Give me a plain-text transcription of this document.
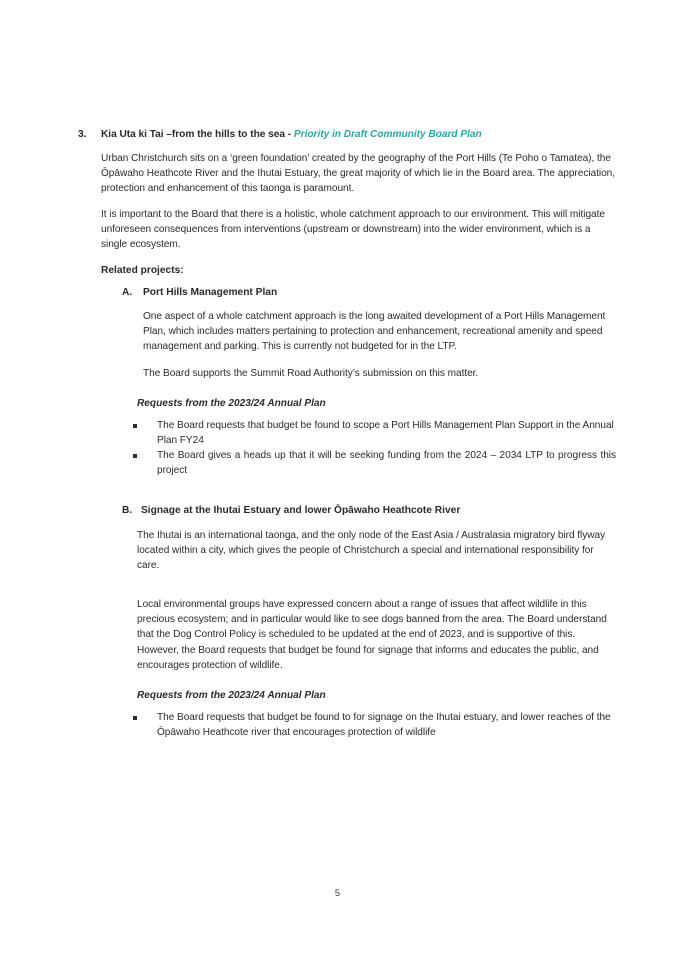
3.	Kia Uta ki Tai –from the hills to the sea - Priority in Draft Community Board Plan

Urban Christchurch sits on a ‘green foundation’ created by the geography of the Port Hills (Te Poho o Tamatea), the Ōpāwaho Heathcote River and the Ihutai Estuary, the great majority of which lie in the Board area. The appreciation, protection and enhancement of this taonga is paramount.

It is important to the Board that there is a holistic, whole catchment approach to our environment. This will mitigate unforeseen consequences from interventions (upstream or downstream) into the wider environment, which is a single ecosystem.

Related projects:

A.	Port Hills Management Plan

One aspect of a whole catchment approach is the long awaited development of a Port Hills Management Plan, which includes matters pertaining to protection and enhancement, recreational amenity and speed management and parking. This is currently not budgeted for in the LTP.

The Board supports the Summit Road Authority’s submission on this matter.

Requests from the 2023/24 Annual Plan

The Board requests that budget be found to scope a Port Hills Management Plan Support in the Annual Plan FY24
The Board gives a heads up that it will be seeking funding from the 2024 – 2034 LTP to progress this project
B. Signage at the Ihutai Estuary and lower Ōpāwaho Heathcote River

The Ihutai is an international taonga, and the only node of the East Asia / Australasia migratory bird flyway located within a city, which gives the people of Christchurch a special and international responsibility for care.

Local environmental groups have expressed concern about a range of issues that affect wildlife in this precious ecosystem; and in particular would like to see dogs banned from the area. The Board understand that the Dog Control Policy is scheduled to be updated at the end of 2023, and is supportive of this. However, the Board requests that budget be found for signage that informs and educates the public, and encourages protection of wildlife.

Requests from the 2023/24 Annual Plan

The Board requests that budget be found to for signage on the Ihutai estuary, and lower reaches of the Ōpāwaho Heathcote river that encourages protection of wildlife
5
